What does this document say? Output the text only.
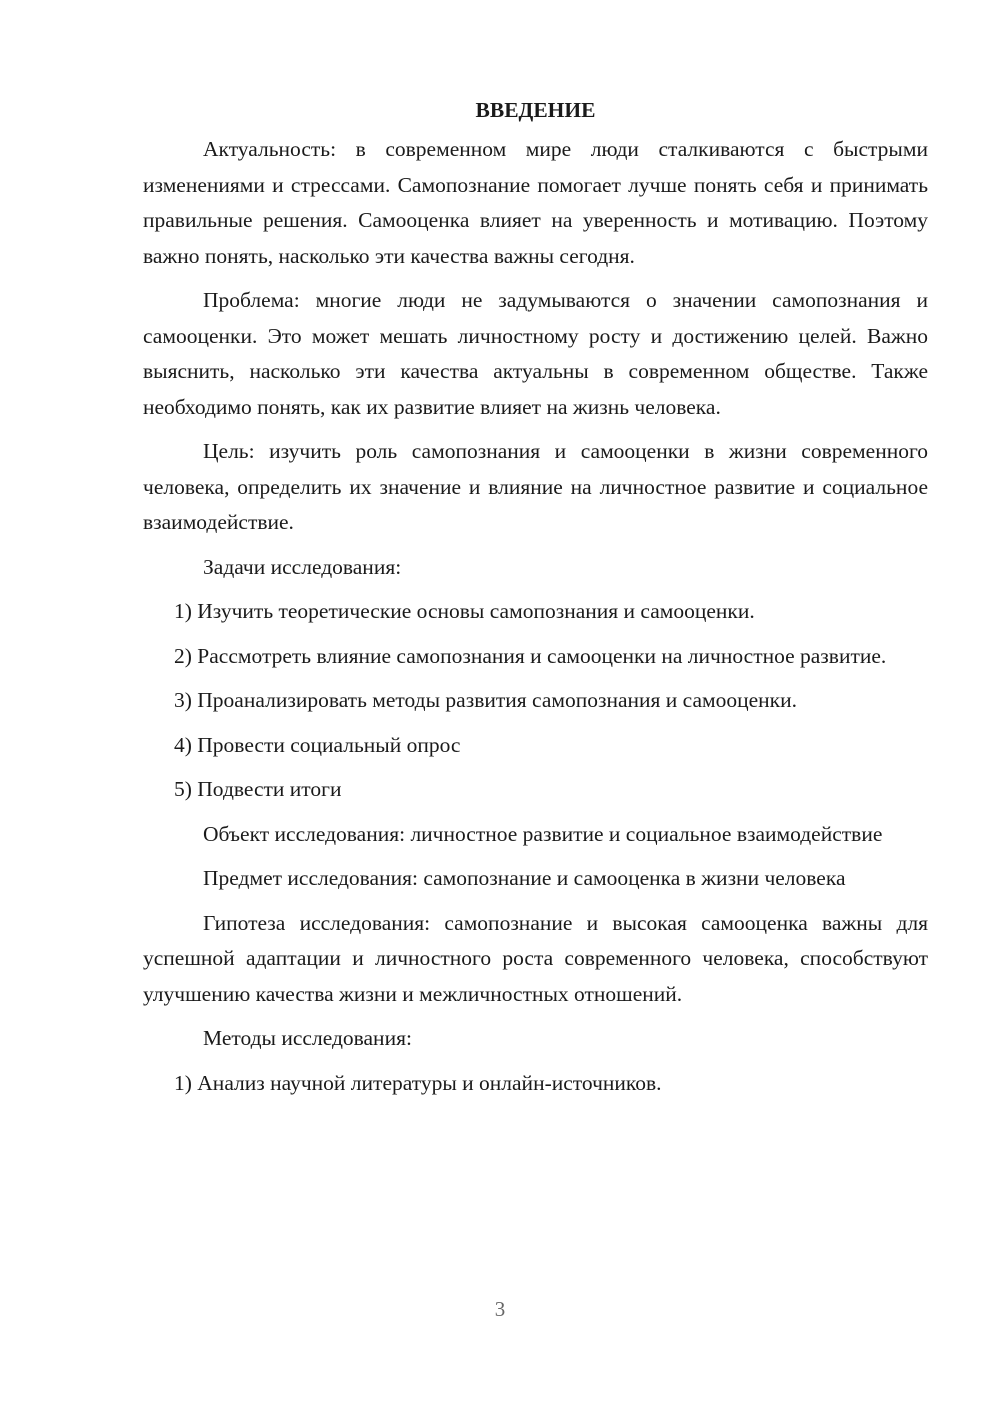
ВВЕДЕНИЕ

Актуальность: в современном мире люди сталкиваются с быстрыми изменениями и стрессами. Самопознание помогает лучше понять себя и принимать правильные решения. Самооценка влияет на уверенность и мотивацию. Поэтому важно понять, насколько эти качества важны сегодня.

Проблема: многие люди не задумываются о значении самопознания и самооценки. Это может мешать личностному росту и достижению целей. Важно выяснить, насколько эти качества актуальны в современном обществе. Также необходимо понять, как их развитие влияет на жизнь человека.

Цель: изучить роль самопознания и самооценки в жизни современного человека, определить их значение и влияние на личностное развитие и социальное взаимодействие.

Задачи исследования:

1) Изучить теоретические основы самопознания и самооценки.

2) Рассмотреть влияние самопознания и самооценки на личностное развитие.

3) Проанализировать методы развития самопознания и самооценки.

4) Провести социальный опрос

5) Подвести итоги

Объект исследования: личностное развитие и социальное взаимодействие

Предмет исследования: самопознание и самооценка в жизни человека

Гипотеза исследования: самопознание и высокая самооценка важны для успешной адаптации и личностного роста современного человека, способствуют улучшению качества жизни и межличностных отношений.

Методы исследования:

1) Анализ научной литературы и онлайн-источников.

3
